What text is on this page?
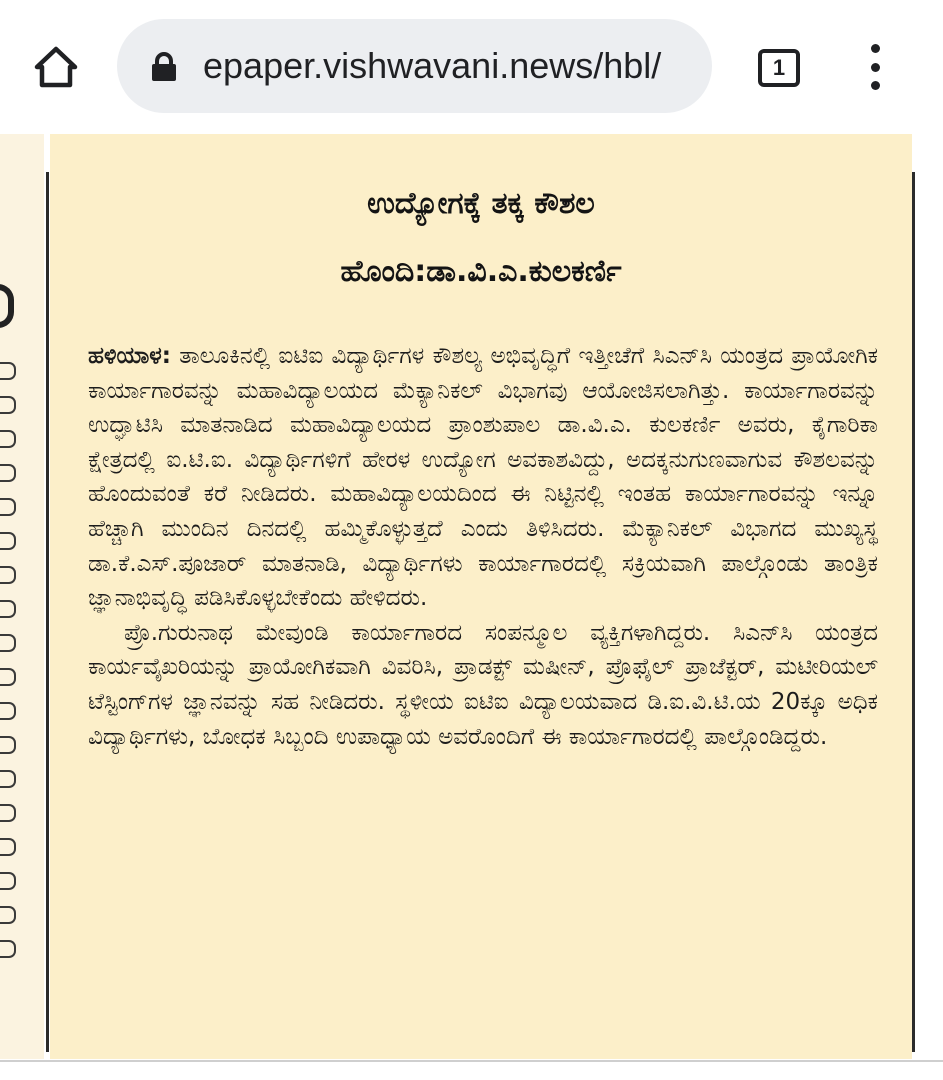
epaper.vishwavani.news/hbl/	1
ಉದ್ಯೋಗಕ್ಕೆ ತಕ್ಕ ಕೌಶಲ
ಹೊಂದಿ:ಡಾ.ವಿ.ಎ.ಕುಲಕರ್ಣಿ

ಹಳಿಯಾಳ: ತಾಲೂಕಿನಲ್ಲಿ ಐಟಿಐ ವಿದ್ಯಾರ್ಥಿಗಳ ಕೌಶಲ್ಯ ಅಭಿವೃದ್ಧಿಗೆ ಇತ್ತೀಚೆಗೆ ಸಿಎನ್‌ಸಿ ಯಂತ್ರದ ಪ್ರಾಯೋಗಿಕ ಕಾರ್ಯಾಗಾರವನ್ನು ಮಹಾವಿದ್ಯಾಲಯದ ಮೆಕ್ಯಾನಿಕಲ್ ವಿಭಾಗವು ಆಯೋಜಿಸಲಾಗಿತ್ತು. ಕಾರ್ಯಾಗಾರವನ್ನು ಉದ್ಘಾಟಿಸಿ ಮಾತನಾಡಿದ ಮಹಾವಿದ್ಯಾಲಯದ ಪ್ರಾಂಶುಪಾಲ ಡಾ.ವಿ.ಎ. ಕುಲಕರ್ಣಿ ಅವರು, ಕೈಗಾರಿಕಾ ಕ್ಷೇತ್ರದಲ್ಲಿ ಐ.ಟಿ.ಐ. ವಿದ್ಯಾರ್ಥಿಗಳಿಗೆ ಹೇರಳ ಉದ್ಯೋಗ ಅವಕಾಶವಿದ್ದು, ಅದಕ್ಕನುಗುಣವಾಗುವ ಕೌಶಲವನ್ನು ಹೊಂದುವಂತೆ ಕರೆ ನೀಡಿದರು. ಮಹಾವಿದ್ಯಾಲಯದಿಂದ ಈ ನಿಟ್ಟಿನಲ್ಲಿ ಇಂತಹ ಕಾರ್ಯಾಗಾರವನ್ನು ಇನ್ನೂ ಹೆಚ್ಚಾಗಿ ಮುಂದಿನ ದಿನದಲ್ಲಿ ಹಮ್ಮಿಕೊಳ್ಳುತ್ತದೆ ಎಂದು ತಿಳಿಸಿದರು. ಮೆಕ್ಯಾನಿಕಲ್ ವಿಭಾಗದ ಮುಖ್ಯಸ್ಥ ಡಾ.ಕೆ.ಎಸ್.ಪೂಜಾರ್ ಮಾತನಾಡಿ, ವಿದ್ಯಾರ್ಥಿಗಳು ಕಾರ್ಯಾಗಾರದಲ್ಲಿ ಸಕ್ರಿಯವಾಗಿ ಪಾಲ್ಗೊಂಡು ತಾಂತ್ರಿಕ ಜ್ಞಾನಾಭಿವೃದ್ಧಿ ಪಡಿಸಿಕೊಳ್ಳಬೇಕೆಂದು ಹೇಳಿದರು.

ಪ್ರೊ.ಗುರುನಾಥ ಮೇವುಂಡಿ ಕಾರ್ಯಾಗಾರದ ಸಂಪನ್ಮೂಲ ವ್ಯಕ್ತಿಗಳಾಗಿದ್ದರು. ಸಿಎನ್‌ಸಿ ಯಂತ್ರದ ಕಾರ್ಯವೈಖರಿಯನ್ನು ಪ್ರಾಯೋಗಿಕವಾಗಿ ವಿವರಿಸಿ, ಪ್ರಾಡಕ್ಟ್ ಮಷೀನ್, ಪ್ರೊಫೈಲ್ ಪ್ರಾಜೆಕ್ಟರ್, ಮಟೀರಿಯಲ್ ಟೆಸ್ಟಿಂಗ್‌ಗಳ ಜ್ಞಾನವನ್ನು ಸಹ ನೀಡಿದರು. ಸ್ಥಳೀಯ ಐಟಿಐ ವಿದ್ಯಾಲಯವಾದ ಡಿ.ಐ.ವಿ.ಟಿ.ಯ 20ಕ್ಕೂ ಅಧಿಕ ವಿದ್ಯಾರ್ಥಿಗಳು, ಬೋಧಕ ಸಿಬ್ಬಂದಿ ಉಪಾಧ್ಯಾಯ ಅವರೊಂದಿಗೆ ಈ ಕಾರ್ಯಾಗಾರದಲ್ಲಿ ಪಾಲ್ಗೊಂಡಿದ್ದರು.
